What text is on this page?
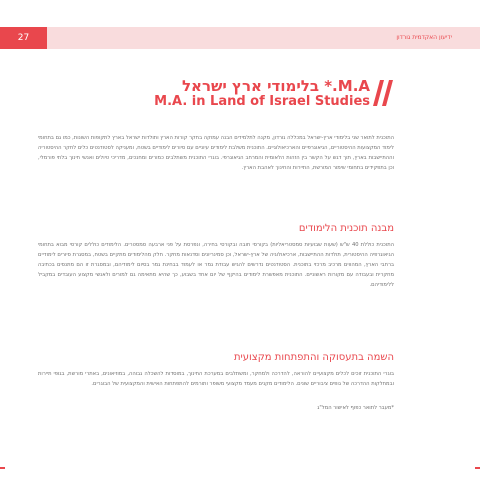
27	ידיעון האקדמית גורדון
M.A.* בלימודי ארץ ישראל
M.A. in Land of Israel Studies
התוכנית לתואר שני בלימודי ארץ-ישראל במכללה גורדון, מקנה לתלמידים הבנה עמוקה בחקר קורות הארץ ותולדות ישראל בארץ לתקופות השונות, כמו גם בתחומי לימוד המקצועות ההיסטוריים, הגיאוגרפיים והארכיאולוגיים. התוכנית משלבת לימודים עיוניים עם סיורים לימודיים בשטח, ומעניקה לסטודנטים כלים לחקר ההיסטוריה וההתיישבות בארץ, תוך דגש על הקשר בין הזהות הלאומית והמרחב הגיאוגרפי. בוגרי התוכנית משתלבים כמורים ומחנכים, מדריכי טיולים ואנשי חינוך בלתי פורמלי, וכן בתפקידים בתחומי שימור המורשת, התיירות והחינוך לאהבת הארץ.
מבנה תוכנית הלימודים
התוכנית כוללת 40 ש"ש (שעות שבועיות סמסטריאליות) בקורסי חובה ובקורסי בחירה, ונפרסת על פני ארבעה סמסטרים. הלימודים כוללים קורסי מבוא בתחומי הגיאוגרפיה ההיסטורית, תולדות ההתיישבות, ארכיאולוגיה של ארץ-ישראל, וכן סמינריונים וסדנאות מחקר. חלק מהלימודים מתקיים בשטח, במסגרת סיורים לימודיים ברחבי הארץ, המהווים מרכיב מרכזי בתוכנית. הסטודנטים נדרשים להגיש עבודת גמר או לעמוד בבחינת גמר בסיום לימודיהם, ובמסגרת זו הם מתנסים בכתיבה מחקרית ובעבודה עם מקורות ראשוניים. התוכנית מאפשרת לימודים בהיקף של יום אחד בשבוע, כך שהיא מתאימה גם למורים ולאנשי מקצוע העובדים במקביל ללימודיהם.
השמה בתעסוקה והתפתחות מקצועית
בוגרי התוכנית זוכים לכלים מקצועיים להוראה, להדרכה ולמחקר, ומשתלבים במערכת החינוך, במוסדות להשכלה גבוהה, במוזיאונים, באתרי מורשת, בגופי תיירות ובמחלקות ההדרכה של גופים ציבוריים שונים. הלימודים מקנים מעמד מקצועי משופר ותורמים להתפתחות האישית והמקצועית של הבוגרים.
*מעבר לתואר כפוף לאישור המל"ג
